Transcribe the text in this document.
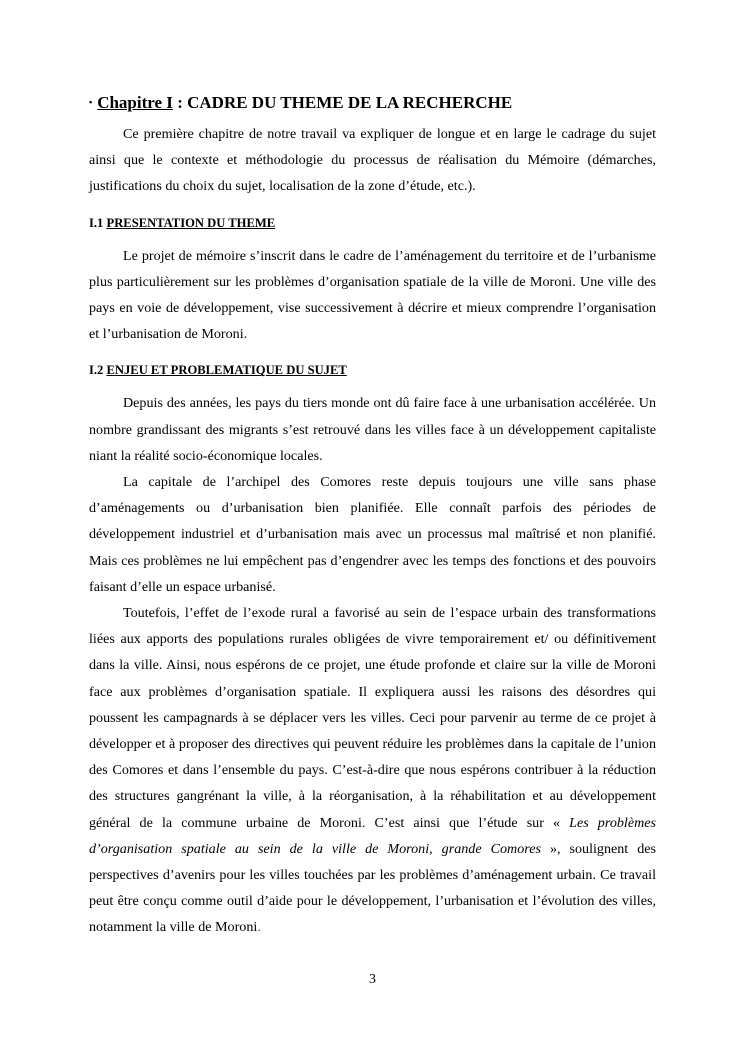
▪ Chapitre I : CADRE DU THEME DE LA RECHERCHE

Ce première chapitre de notre travail va expliquer de longue et en large le cadrage du sujet ainsi que le contexte et méthodologie du processus de réalisation du Mémoire (démarches, justifications du choix du sujet, localisation de la zone d’étude, etc.).

I.1 PRESENTATION DU THEME

Le projet de mémoire s’inscrit dans le cadre de l’aménagement du territoire et de l’urbanisme plus particulièrement sur les problèmes d’organisation spatiale de la ville de Moroni. Une ville des pays en voie de développement, vise successivement à décrire et mieux comprendre l’organisation et l’urbanisation de Moroni.

I.2 ENJEU ET PROBLEMATIQUE DU SUJET

Depuis des années, les pays du tiers monde ont dû faire face à une urbanisation accélérée. Un nombre grandissant des migrants s’est retrouvé dans les villes face à un développement capitaliste niant la réalité socio-économique locales.

La capitale de l’archipel des Comores reste depuis toujours une ville sans phase d’aménagements ou d’urbanisation bien planifiée. Elle connaît parfois des périodes de développement industriel et d’urbanisation mais avec un processus mal maîtrisé et non planifié. Mais ces problèmes ne lui empêchent pas d’engendrer avec les temps des fonctions et des pouvoirs faisant d’elle un espace urbanisé.

Toutefois, l’effet de l’exode rural a favorisé au sein de l’espace urbain des transformations liées aux apports des populations rurales obligées de vivre temporairement et/ ou définitivement dans la ville. Ainsi, nous espérons de ce projet, une étude profonde et claire sur la ville de Moroni face aux problèmes d’organisation spatiale. Il expliquera aussi les raisons des désordres qui poussent les campagnards à se déplacer vers les villes. Ceci pour parvenir au terme de ce projet à développer et à proposer des directives qui peuvent réduire les problèmes dans la capitale de l’union des Comores et dans l’ensemble du pays. C’est-à-dire que nous espérons contribuer à la réduction des structures gangrénant la ville, à la réorganisation, à la réhabilitation et au développement général de la commune urbaine de Moroni. C’est ainsi que l’étude sur « Les problèmes d’organisation spatiale au sein de la ville de Moroni, grande Comores », soulignent des perspectives d’avenirs pour les villes touchées par les problèmes d’aménagement urbain. Ce travail peut être conçu comme outil d’aide pour le développement, l’urbanisation et l’évolution des villes, notamment la ville de Moroni.

3
